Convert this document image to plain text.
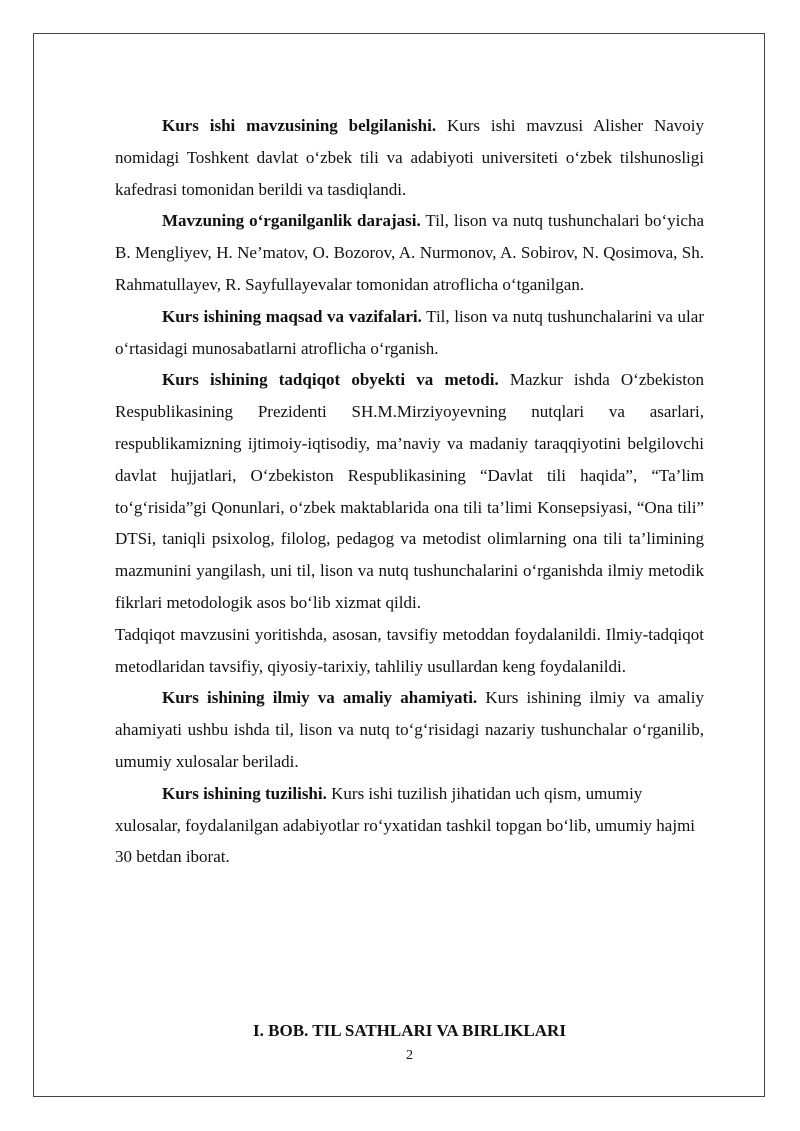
Kurs ishi mavzusining belgilanishi. Kurs ishi mavzusi Alisher Navoiy nomidagi Toshkent davlat o‘zbek tili va adabiyoti universiteti o‘zbek tilshunosligi kafedrasi tomonidan berildi va tasdiqlandi.

Mavzuning o‘rganilganlik darajasi. Til, lison va nutq tushunchalari bo‘yicha B. Mengliyev, H. Ne’matov, O. Bozorov, A. Nurmonov, A. Sobirov, N. Qosimova, Sh. Rahmatullayev, R. Sayfullayevalar tomonidan atroflicha o‘tganilgan.

Kurs ishining maqsad va vazifalari. Til, lison va nutq tushunchalarini va ular o‘rtasidagi munosabatlarni atroflicha o‘rganish.

Kurs ishining tadqiqot obyekti va metodi. Mazkur ishda O‘zbekiston Respublikasining Prezidenti SH.M.Mirziyoyevning nutqlari va asarlari, respublikamizning ijtimoiy-iqtisodiy, ma’naviy va madaniy taraqqiyotini belgilovchi davlat hujjatlari, O‘zbekiston Respublikasining “Davlat tili haqida”, “Ta’lim to‘g‘risida”gi Qonunlari, o‘zbek maktablarida ona tili ta’limi Konsepsiyasi, “Ona tili” DTSi, taniqli psixolog, filolog, pedagog va metodist olimlarning ona tili ta’limining mazmunini yangilash, uni til, lison va nutq tushunchalarini o‘rganishda ilmiy metodik fikrlari metodologik asos bo‘lib xizmat qildi.

Tadqiqot mavzusini yoritishda, asosan, tavsifiy metoddan foydalanildi. Ilmiy-tadqiqot metodlaridan tavsifiy, qiyosiy-tarixiy, tahliliy usullardan keng foydalanildi.

Kurs ishining ilmiy va amaliy ahamiyati. Kurs ishining ilmiy va amaliy ahamiyati ushbu ishda til, lison va nutq to‘g‘risidagi nazariy tushunchalar o‘rganilib, umumiy xulosalar beriladi.

Kurs ishining tuzilishi. Kurs ishi tuzilish jihatidan uch qism, umumiy xulosalar, foydalanilgan adabiyotlar ro‘yxatidan tashkil topgan bo‘lib, umumiy hajmi 30 betdan iborat.

I. BOB. TIL SATHLARI VA BIRLIKLARI
2
